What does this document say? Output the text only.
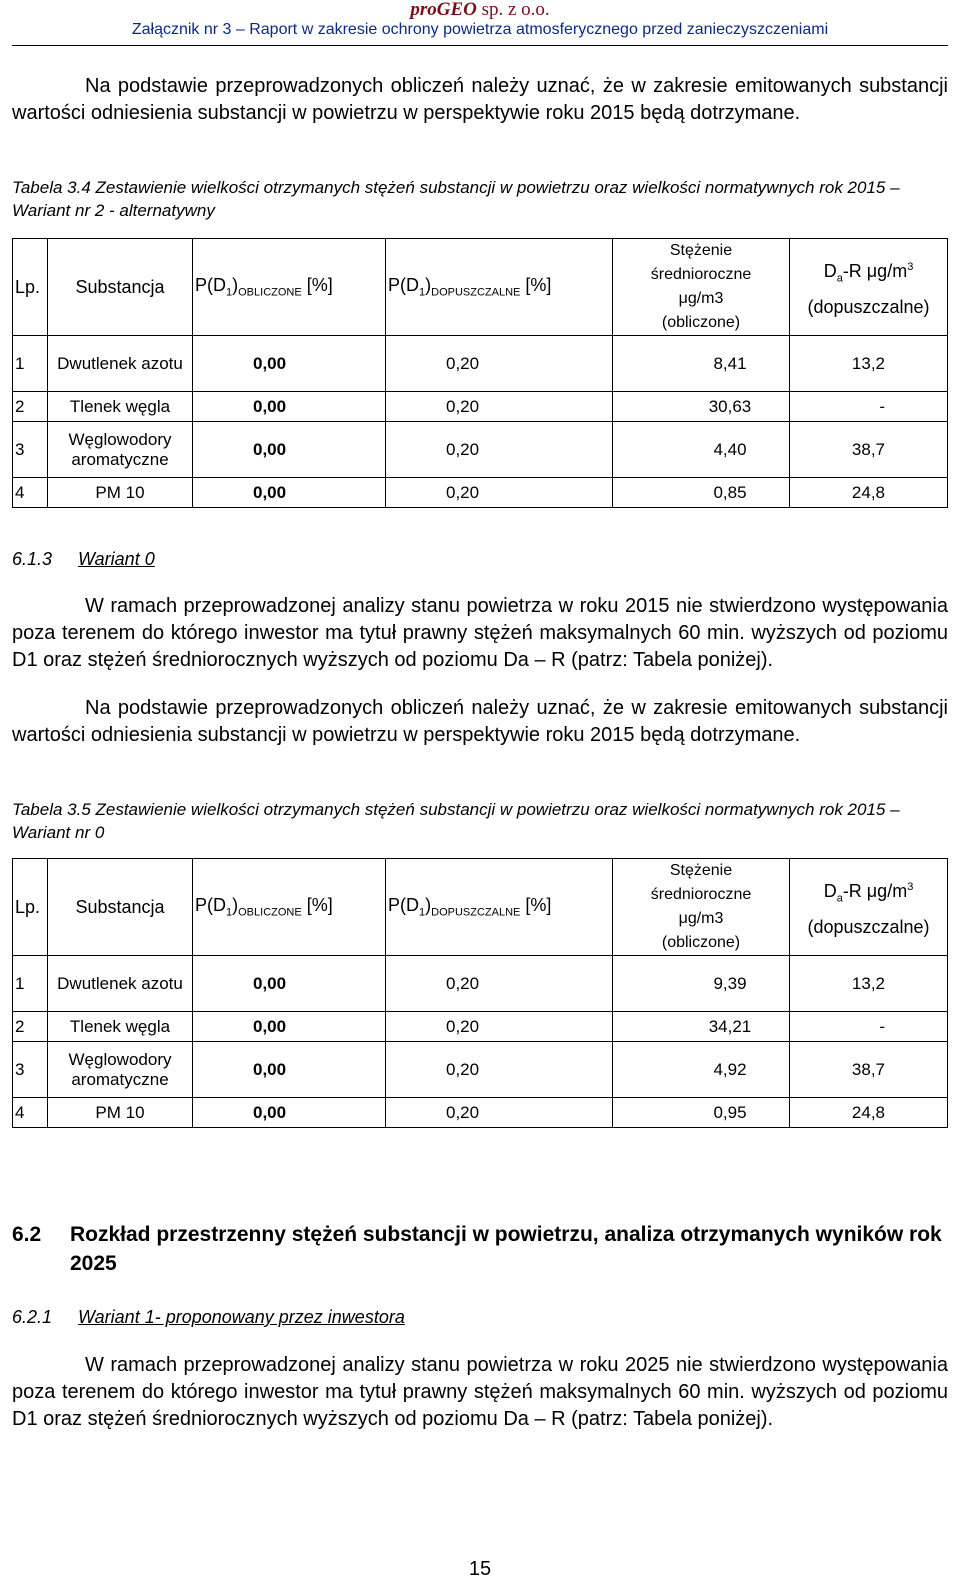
proGEO sp. z o.o.
Załącznik nr 3 – Raport w zakresie ochrony powietrza atmosferycznego przed zanieczyszczeniami
Na podstawie przeprowadzonych obliczeń należy uznać, że w zakresie emitowanych substancji wartości odniesienia substancji w powietrzu w perspektywie roku 2015 będą dotrzymane.
Tabela 3.4 Zestawienie wielkości otrzymanych stężeń substancji w powietrzu oraz wielkości normatywnych rok 2015 – Wariant nr 2 - alternatywny
Lp.	Substancja	$P(D_1)_{OBLICZONE}$ [%]	$P(D_1)_{DOPUSZCZALNE}$ [%]	Stężenie
średnioroczne
μg/m3
(obliczone)	$D_a-R$ $\mu g/m^3$
(dopuszczalne)
1	Dwutlenek azotu	0,00	0,20	8,41	13,2
2	Tlenek węgla	0,00	0,20	30,63	-
3	Węglowodory aromatyczne	0,00	0,20	4,40	38,7
4	PM 10	0,00	0,20	0,85	24,8
6.1.3 Wariant 0
W ramach przeprowadzonej analizy stanu powietrza w roku 2015 nie stwierdzono występowania poza terenem do którego inwestor ma tytuł prawny stężeń maksymalnych 60 min. wyższych od poziomu D1 oraz stężeń średniorocznych wyższych od poziomu Da – R (patrz: Tabela poniżej).
Na podstawie przeprowadzonych obliczeń należy uznać, że w zakresie emitowanych substancji wartości odniesienia substancji w powietrzu w perspektywie roku 2015 będą dotrzymane.
Tabela 3.5 Zestawienie wielkości otrzymanych stężeń substancji w powietrzu oraz wielkości normatywnych rok 2015 – Wariant nr 0
Lp.	Substancja	$P(D_1)_{OBLICZONE}$ [%]	$P(D_1)_{DOPUSZCZALNE}$ [%]	Stężenie
średnioroczne
μg/m3
(obliczone)	$D_a-R$ $\mu g/m^3$
(dopuszczalne)
1	Dwutlenek azotu	0,00	0,20	9,39	13,2
2	Tlenek węgla	0,00	0,20	34,21	-
3	Węglowodory aromatyczne	0,00	0,20	4,92	38,7
4	PM 10	0,00	0,20	0,95	24,8
6.2 Rozkład przestrzenny stężeń substancji w powietrzu, analiza otrzymanych wyników rok 2025
6.2.1 Wariant 1- proponowany przez inwestora
W ramach przeprowadzonej analizy stanu powietrza w roku 2025 nie stwierdzono występowania poza terenem do którego inwestor ma tytuł prawny stężeń maksymalnych 60 min. wyższych od poziomu D1 oraz stężeń średniorocznych wyższych od poziomu Da – R (patrz: Tabela poniżej).
15
